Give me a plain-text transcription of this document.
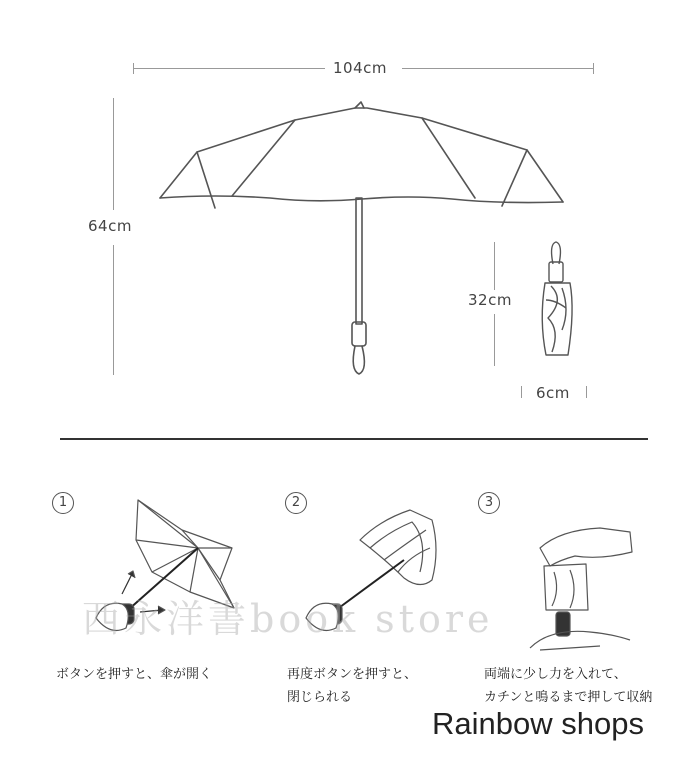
104cm
64cm
32cm
6cm
1	2	3
西永洋書book store
ボタンを押すと、傘が開く	再度ボタンを押すと、
閉じられる
両端に少し力を入れて、
カチンと鳴るまで押して収納
Rainbow shops
